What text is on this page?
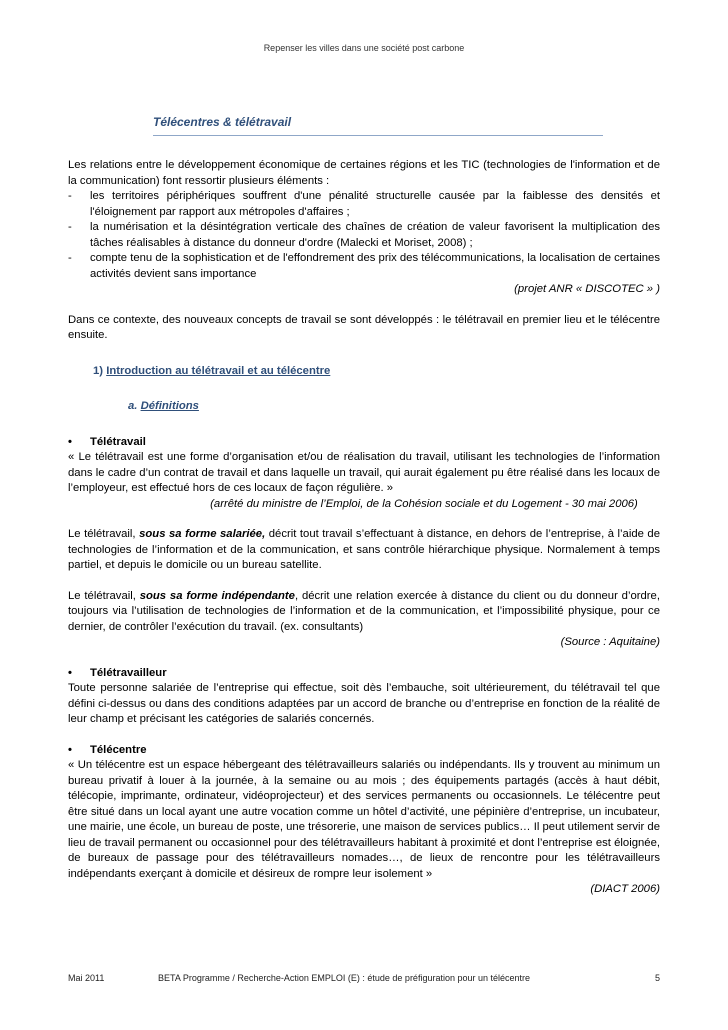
Repenser les villes dans une société post carbone
Télécentres & télétravail

Les relations entre le développement économique de certaines régions et les TIC (technologies de l'information et de la communication) font ressortir plusieurs éléments :

- les territoires périphériques souffrent d'une pénalité structurelle causée par la faiblesse des densités et l'éloignement par rapport aux métropoles d'affaires ;
- la numérisation et la désintégration verticale des chaînes de création de valeur favorisent la multiplication des tâches réalisables à distance du donneur d'ordre (Malecki et Moriset, 2008) ;
- compte tenu de la sophistication et de l'effondrement des prix des télécommunications, la localisation de certaines activités devient sans importance

(projet ANR « DISCOTEC » )

Dans ce contexte, des nouveaux concepts de travail se sont développés : le télétravail en premier lieu et le télécentre ensuite.

1) Introduction au télétravail et au télécentre

a. Définitions

• Télétravail

« Le télétravail est une forme d’organisation et/ou de réalisation du travail, utilisant les technologies de l’information dans le cadre d’un contrat de travail et dans laquelle un travail, qui aurait également pu être réalisé dans les locaux de l’employeur, est effectué hors de ces locaux de façon régulière. »

(arrêté du ministre de l’Emploi, de la Cohésion sociale et du Logement - 30 mai 2006)

Le télétravail, sous sa forme salariée, décrit tout travail s’effectuant à distance, en dehors de l’entreprise, à l’aide de technologies de l’information et de la communication, et sans contrôle hiérarchique physique. Normalement à temps partiel, et depuis le domicile ou un bureau satellite.

Le télétravail, sous sa forme indépendante, décrit une relation exercée à distance du client ou du donneur d’ordre, toujours via l’utilisation de technologies de l’information et de la communication, et l’impossibilité physique, pour ce dernier, de contrôler l’exécution du travail. (ex. consultants)

(Source : Aquitaine)

• Télétravailleur

Toute personne salariée de l’entreprise qui effectue, soit dès l’embauche, soit ultérieurement, du télétravail tel que défini ci-dessus ou dans des conditions adaptées par un accord de branche ou d’entreprise en fonction de la réalité de leur champ et précisant les catégories de salariés concernés.

• Télécentre

« Un télécentre est un espace hébergeant des télétravailleurs salariés ou indépendants. Ils y trouvent au minimum un bureau privatif à louer à la journée, à la semaine ou au mois ; des équipements partagés (accès à haut débit, télécopie, imprimante, ordinateur, vidéoprojecteur) et des services permanents ou occasionnels. Le télécentre peut être situé dans un local ayant une autre vocation comme un hôtel d’activité, une pépinière d’entreprise, un incubateur, une mairie, une école, un bureau de poste, une trésorerie, une maison de services publics… Il peut utilement servir de lieu de travail permanent ou occasionnel pour des télétravailleurs habitant à proximité et dont l’entreprise est éloignée, de bureaux de passage pour des télétravailleurs nomades…, de lieux de rencontre pour les télétravailleurs indépendants exerçant à domicile et désireux de rompre leur isolement »

(DIACT 2006)

Mai 2011	BETA Programme / Recherche-Action EMPLOI (E) : étude de préfiguration pour un télécentre	5
